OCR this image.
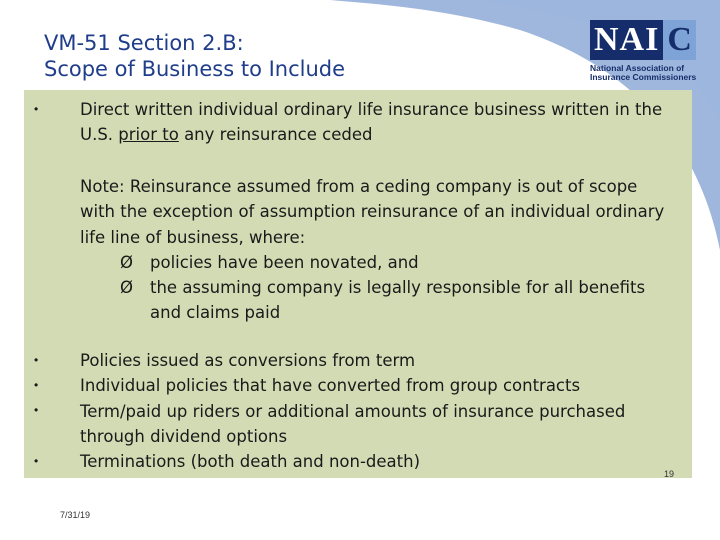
VM-51 Section 2.B:
Scope of Business to Include
NAI C
National Association of
Insurance Commissioners
•	Direct written individual ordinary life insurance business written in the
U.S. prior to any reinsurance ceded
Note: Reinsurance assumed from a ceding company is out of scope
with the exception of assumption reinsurance of an individual ordinary
life line of business, where:
Ø policies have been novated, and
Ø the assuming company is legally responsible for all benefits
and claims paid
•
•
•
•
Policies issued as conversions from term
Individual policies that have converted from group contracts
Term/paid up riders or additional amounts of insurance purchased
through dividend options
Terminations (both death and non-death)
19
7/31/19
